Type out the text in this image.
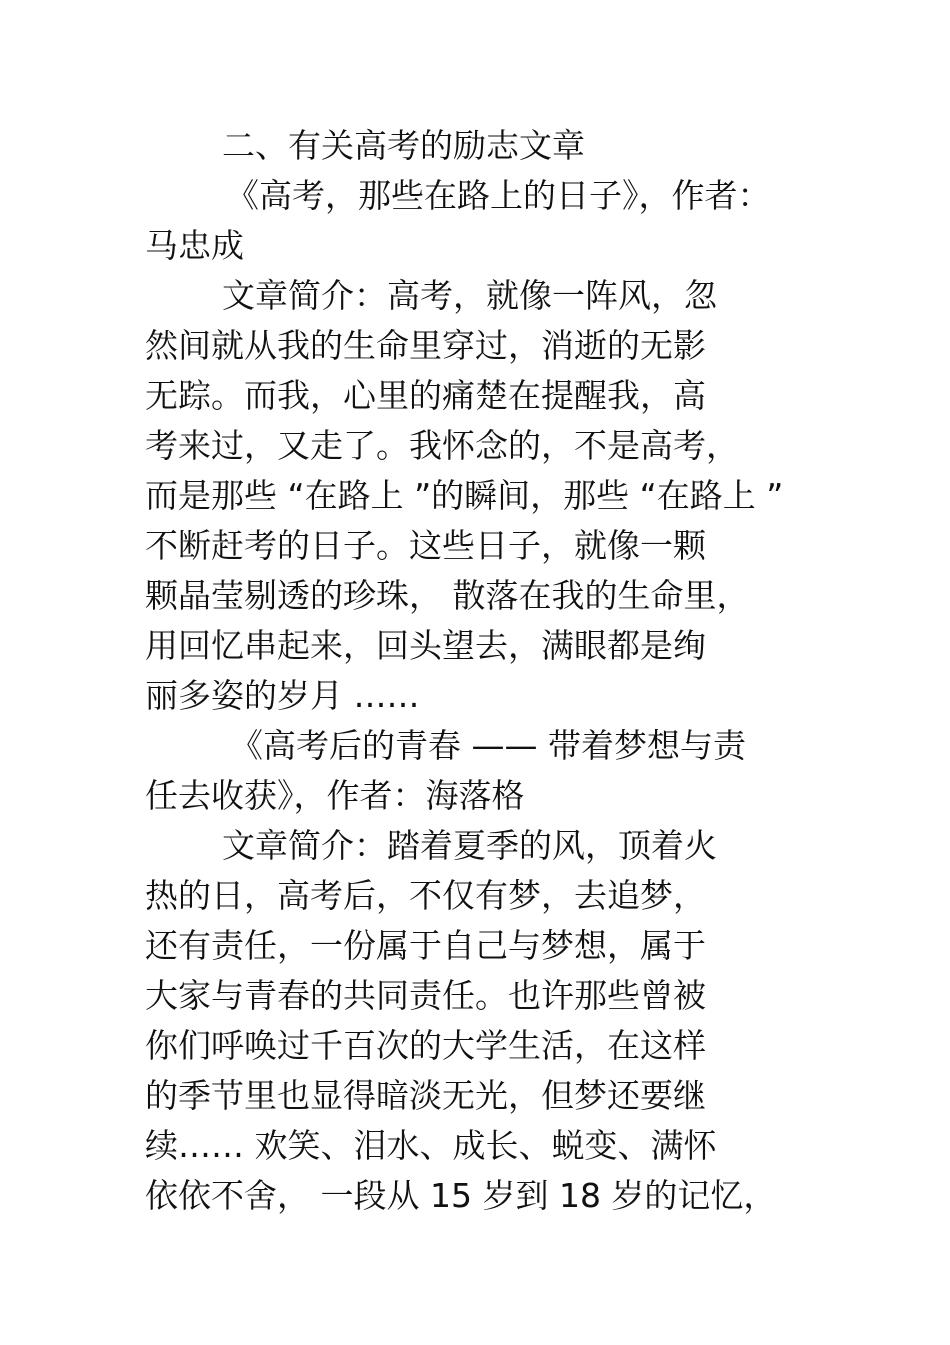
二、有关高考的励志文章
《高考，那些在路上的日子》，作者：
马忠成
文章简介：高考，就像一阵风，忽
然间就从我的生命里穿过，消逝的无影
无踪。而我，心里的痛楚在提醒我，高
考来过，又走了。我怀念的，不是高考，
而是那些 “在路上 ”的瞬间，那些 “在路上 ”
不断赶考的日子。这些日子，就像一颗
颗晶莹剔透的珍珠， 散落在我的生命里，
用回忆串起来，回头望去，满眼都是绚
丽多姿的岁月 ……
《高考后的青春 —— 带着梦想与责
任去收获》，作者：海落格
文章简介：踏着夏季的风，顶着火
热的日，高考后，不仅有梦，去追梦，
还有责任，一份属于自己与梦想，属于
大家与青春的共同责任。也许那些曾被
你们呼唤过千百次的大学生活，在这样
的季节里也显得暗淡无光，但梦还要继
续…… 欢笑、泪水、成长、蜕变、满怀
依依不舍， 一段从 15 岁到 18 岁的记忆，
